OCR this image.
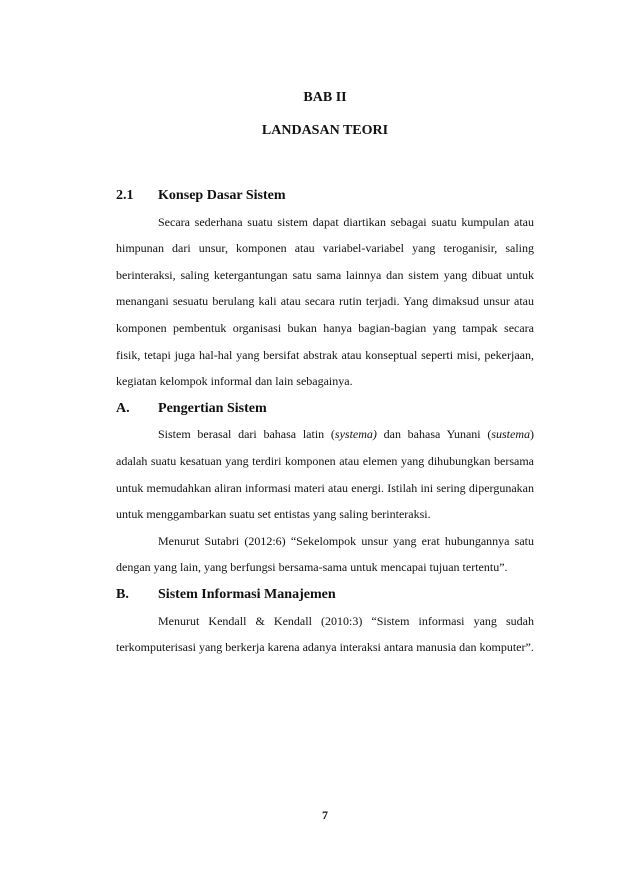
BAB II
LANDASAN TEORI
2.1 Konsep Dasar Sistem

Secara sederhana suatu sistem dapat diartikan sebagai suatu kumpulan atau himpunan dari unsur, komponen atau variabel-variabel yang teroganisir, saling berinteraksi, saling ketergantungan satu sama lainnya dan sistem yang dibuat untuk menangani sesuatu berulang kali atau secara rutin terjadi. Yang dimaksud unsur atau komponen pembentuk organisasi bukan hanya bagian-bagian yang tampak secara fisik, tetapi juga hal-hal yang bersifat abstrak atau konseptual seperti misi, pekerjaan, kegiatan kelompok informal dan lain sebagainya.

A. Pengertian Sistem

Sistem berasal dari bahasa latin (systema) dan bahasa Yunani (sustema) adalah suatu kesatuan yang terdiri komponen atau elemen yang dihubungkan bersama untuk memudahkan aliran informasi materi atau energi. Istilah ini sering dipergunakan untuk menggambarkan suatu set entistas yang saling berinteraksi.

Menurut Sutabri (2012:6) “Sekelompok unsur yang erat hubungannya satu dengan yang lain, yang berfungsi bersama-sama untuk mencapai tujuan tertentu”.

B. Sistem Informasi Manajemen

Menurut Kendall & Kendall (2010:3) “Sistem informasi yang sudah terkomputerisasi yang berkerja karena adanya interaksi antara manusia dan komputer”.

7
